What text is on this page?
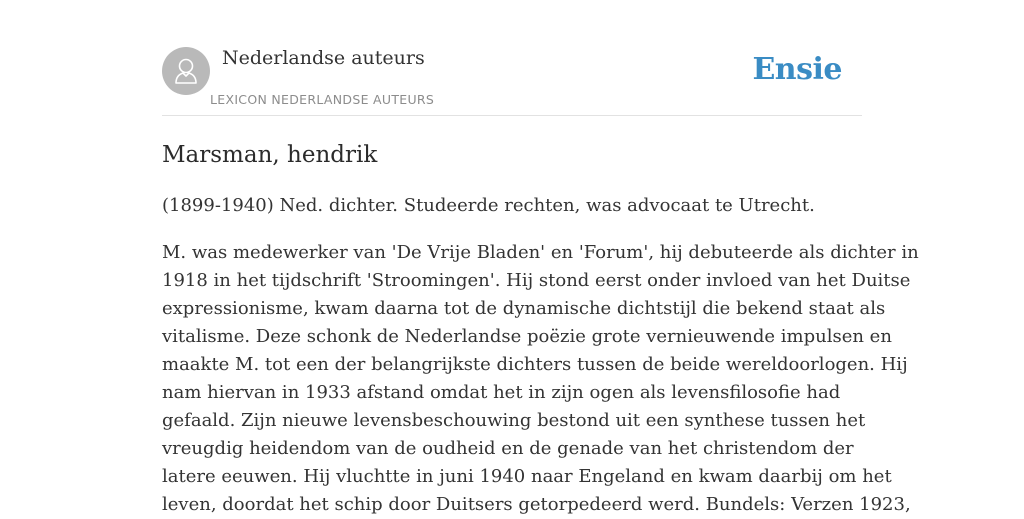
Nederlandse auteurs
LEXICON NEDERLANDSE AUTEURS
Ensie
Marsman, hendrik

(1899-1940) Ned. dichter. Studeerde rechten, was advocaat te Utrecht.

M. was medewerker van 'De Vrije Bladen' en 'Forum', hij debuteerde als dichter in
1918 in het tijdschrift 'Stroomingen'. Hij stond eerst onder invloed van het Duitse
expressionisme, kwam daarna tot de dynamische dichtstijl die bekend staat als
vitalisme. Deze schonk de Nederlandse poëzie grote vernieuwende impulsen en
maakte M. tot een der belangrijkste dichters tussen de beide wereldoorlogen. Hij
nam hiervan in 1933 afstand omdat het in zijn ogen als levensfilosofie had
gefaald. Zijn nieuwe levensbeschouwing bestond uit een synthese tussen het
vreugdig heidendom van de oudheid en de genade van het christendom der
latere eeuwen. Hij vluchtte in juni 1940 naar Engeland en kwam daarbij om het
leven, doordat het schip door Duitsers getorpedeerd werd. Bundels: Verzen 1923,
